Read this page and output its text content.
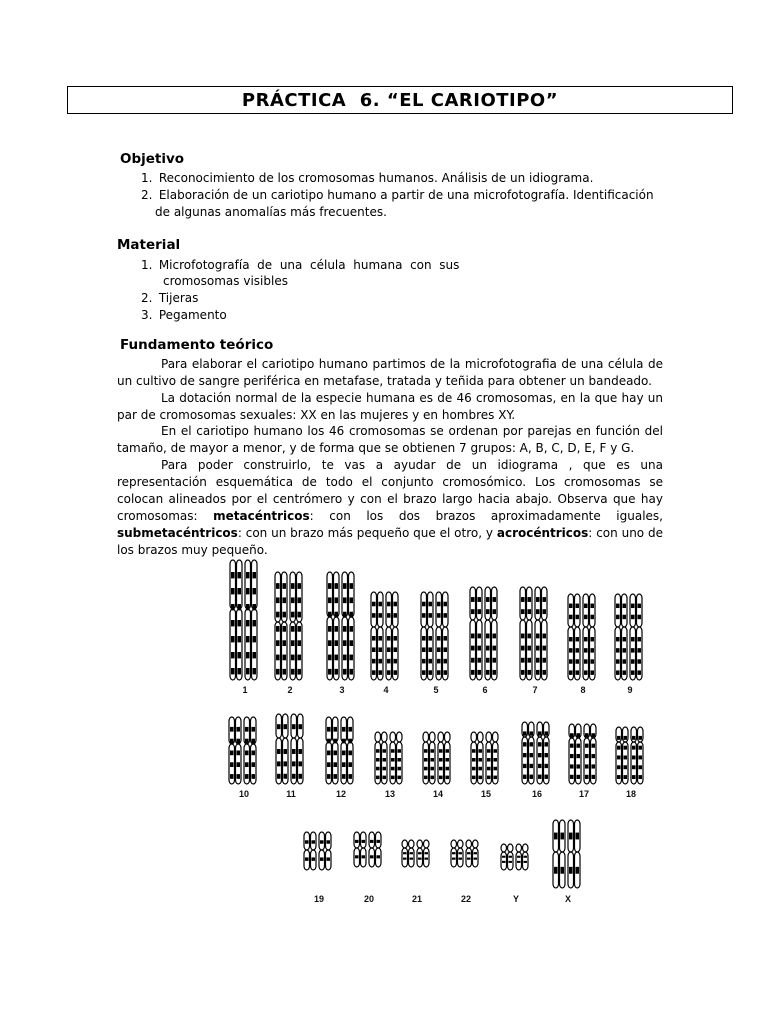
PRÁCTICA  6. “EL CARIOTIPO”
Objetivo
1. Reconocimiento de los cromosomas humanos. Análisis de un idiograma.
2. Elaboración de un cariotipo humano a partir de una microfotografía. Identificación
de algunas anomalías más frecuentes.
Material
1. Microfotografía  de  una  célula  humana  con  sus
cromosomas visibles
2. Tijeras
3. Pegamento
Fundamento teórico
Para elaborar el cariotipo humano partimos de la microfotografia de una célula de un cultivo de sangre periférica en metafase, tratada y teñida para obtener un bandeado.
La dotación normal de la especie humana es de 46 cromosomas, en la que hay un par de cromosomas sexuales: XX en las mujeres y en hombres XY.
En el cariotipo humano los 46 cromosomas se ordenan por parejas en función del tamaño, de mayor a menor, y de forma que se obtienen 7 grupos: A, B, C, D, E, F y G.
Para poder construirlo, te vas a ayudar de un idiograma , que es una representación esquemática de todo el conjunto cromosómico. Los cromosomas se colocan alineados por el centrómero y con el brazo largo hacia abajo. Observa que hay cromosomas: metacéntricos: con los dos brazos aproximadamente iguales, submetacéntricos: con un brazo más pequeño que el otro, y acrocéntricos: con uno de los brazos muy pequeño.
1	2	3	4	5	6	7	8	9
10	11	12	13	14	15	16	17	18
19	20	21	22	Y	X
